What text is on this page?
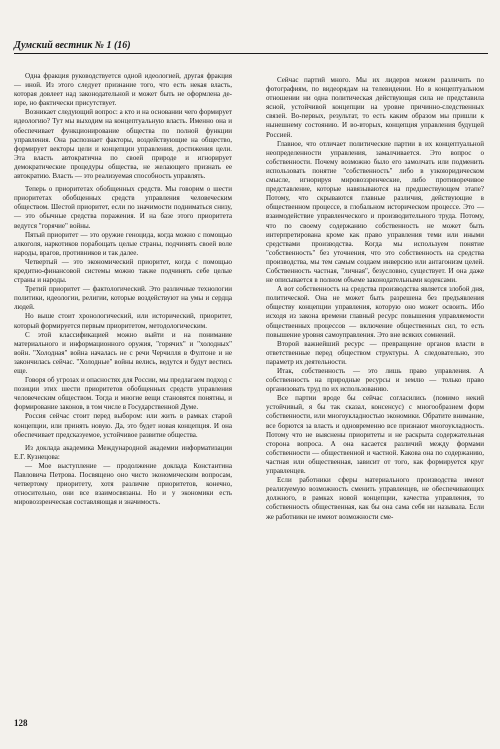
Думский вестник № 1 (16)

Одна фракция руководствуется одной идеологией, другая фракция — иной. Из этого следует признание того, что есть некая власть, которая довлеет над законодательной и может быть не оформлена де-юре, но фактически присутствует.

Возникает следующий вопрос: а кто и на основании чего формирует идеологию? Тут мы выходим на концептуальную власть. Именно она и обеспечивает функционирование общества по полной функции управления. Она распознает факторы, воздействующие на общество, формирует векторы цели и концепции управления, достижения цели. Эта власть автократична по своей природе и игнорирует демократические процедуры общества, не желающего признать ее автократию. Власть — это реализуемая способность управлять.

Теперь о приоритетах обобщенных средств. Мы говорим о шести приоритетах обобщенных средств управления человеческим обществом. Шестой приоритет, если по значимости подниматься снизу, — это обычные средства поражения. И на базе этого приоритета ведутся "горячие" войны.

Пятый приоритет — это оружие геноцида, когда можно с помощью алкоголя, наркотиков порабощать целые страны, подчинять своей воле народы, врагов, противников и так далее.

Четвертый — это экономический приоритет, когда с помощью кредитно-финансовой системы можно также подчинять себе целые страны и народы.

Третий приоритет — фактологический. Это различные технологии политики, идеологии, религии, которые воздействуют на умы и сердца людей.

Но выше стоит хронологический, или исторический, приоритет, который формируется первым приоритетом, методологическим.

С этой классификацией можно выйти и на понимание материального и информационного оружия, "горячих" и "холодных" войн. "Холодная" война началась не с речи Черчилля в Фултоне и не закончилась сейчас. "Холодные" войны велись, ведутся и будут вестись еще.

Говоря об угрозах и опасностях для России, мы предлагаем подход с позиции этих шести приоритетов обобщенных средств управления человеческим обществом. Тогда и многие вещи становятся понятны, и формирование законов, в том числе в Государственной Думе.

Россия сейчас стоит перед выбором: или жить в рамках старой концепции, или принять новую. Да, это будет новая концепция. И она обеспечивает предсказуемое, устойчивое развитие общества.

Из доклада академика Международной академии информатизации Е.Г. Кузнецова:

— Мое выступление — продолжение доклада Константина Павловича Петрова. Посвящено оно чисто экономическим вопросам, четвертому приоритету, хотя различие приоритетов, конечно, относительно, они все взаимосвязаны. Но и у экономики есть мировоззренческая составляющая и значимость.

Сейчас партий много. Мы их лидеров можем различить по фотографиям, по видеорядам на телевидении. Но в концептуальном отношении ни одна политическая действующая сила не представила ясной, устойчивой концепции на уровне причинно-следственных связей. Во-первых, результат, то есть каким образом мы пришли к нынешнему состоянию. И во-вторых, концепция управления будущей Россией.

Главное, что отличает политические партии в их концептуальной неопределенности управления, замалчивается. Это вопрос о собственности. Почему возможно было его замолчать или подменить использовать понятие "собственность" либо в узкоюридическом смысле, игнорируя мировоззренческие, либо противоречивое представление, которые навязываются на предшествующем этапе? Потому, что скрываются главные различия, действующие в общественном процессе, в глобальном историческом процессе. Это — взаимодействие управленческого и производительного труда. Потому, что по своему содержанию собственность не может быть интерпретирована кроме как право управления теми или иными средствами производства. Когда мы используем понятие "собственность" без уточнения, что это собственность на средства производства, мы тем самым создаем инверсию или антагонизм целей. Собственность частная, "личная", безусловно, существует. И она даже не описывается в полном объеме законодательными кодексами.

А вот собственность на средства производства является злобой дня, политической. Она не может быть разрешена без предъявления обществу концепции управления, которую оно может освоить. Ибо исходя из закона времени главный ресурс повышения управляемости общественных процессов — включение общественных сил, то есть повышение уровня самоуправления. Это вне всяких сомнений.

Второй важнейший ресурс — превращение органов власти в ответственные перед обществом структуры. А следовательно, это параметр их деятельности.

Итак, собственность — это лишь право управления. А собственность на природные ресурсы и землю — только право организовать труд по их использованию.

Все партии вроде бы сейчас согласились (помимо некий устойчивый, я бы так сказал, консенсус) с многообразием форм собственности, или многоукладностью экономики. Обратите внимание, все борются за власть и одновременно все признают многоукладность. Потому что не выяснены приоритеты и не раскрыта содержательная сторона вопроса. А она касается различий между формами собственности — общественной и частной. Какова она по содержанию, частная или общественная, зависит от того, как формируется круг управленцев.

Если работники сферы материального производства имеют реализуемую возможность сменить управленцев, не обеспечивающих должного, в рамках новой концепции, качества управления, то собственность общественная, как бы она сама себя ни называла. Если же работники не имеют возможности сме-

128
